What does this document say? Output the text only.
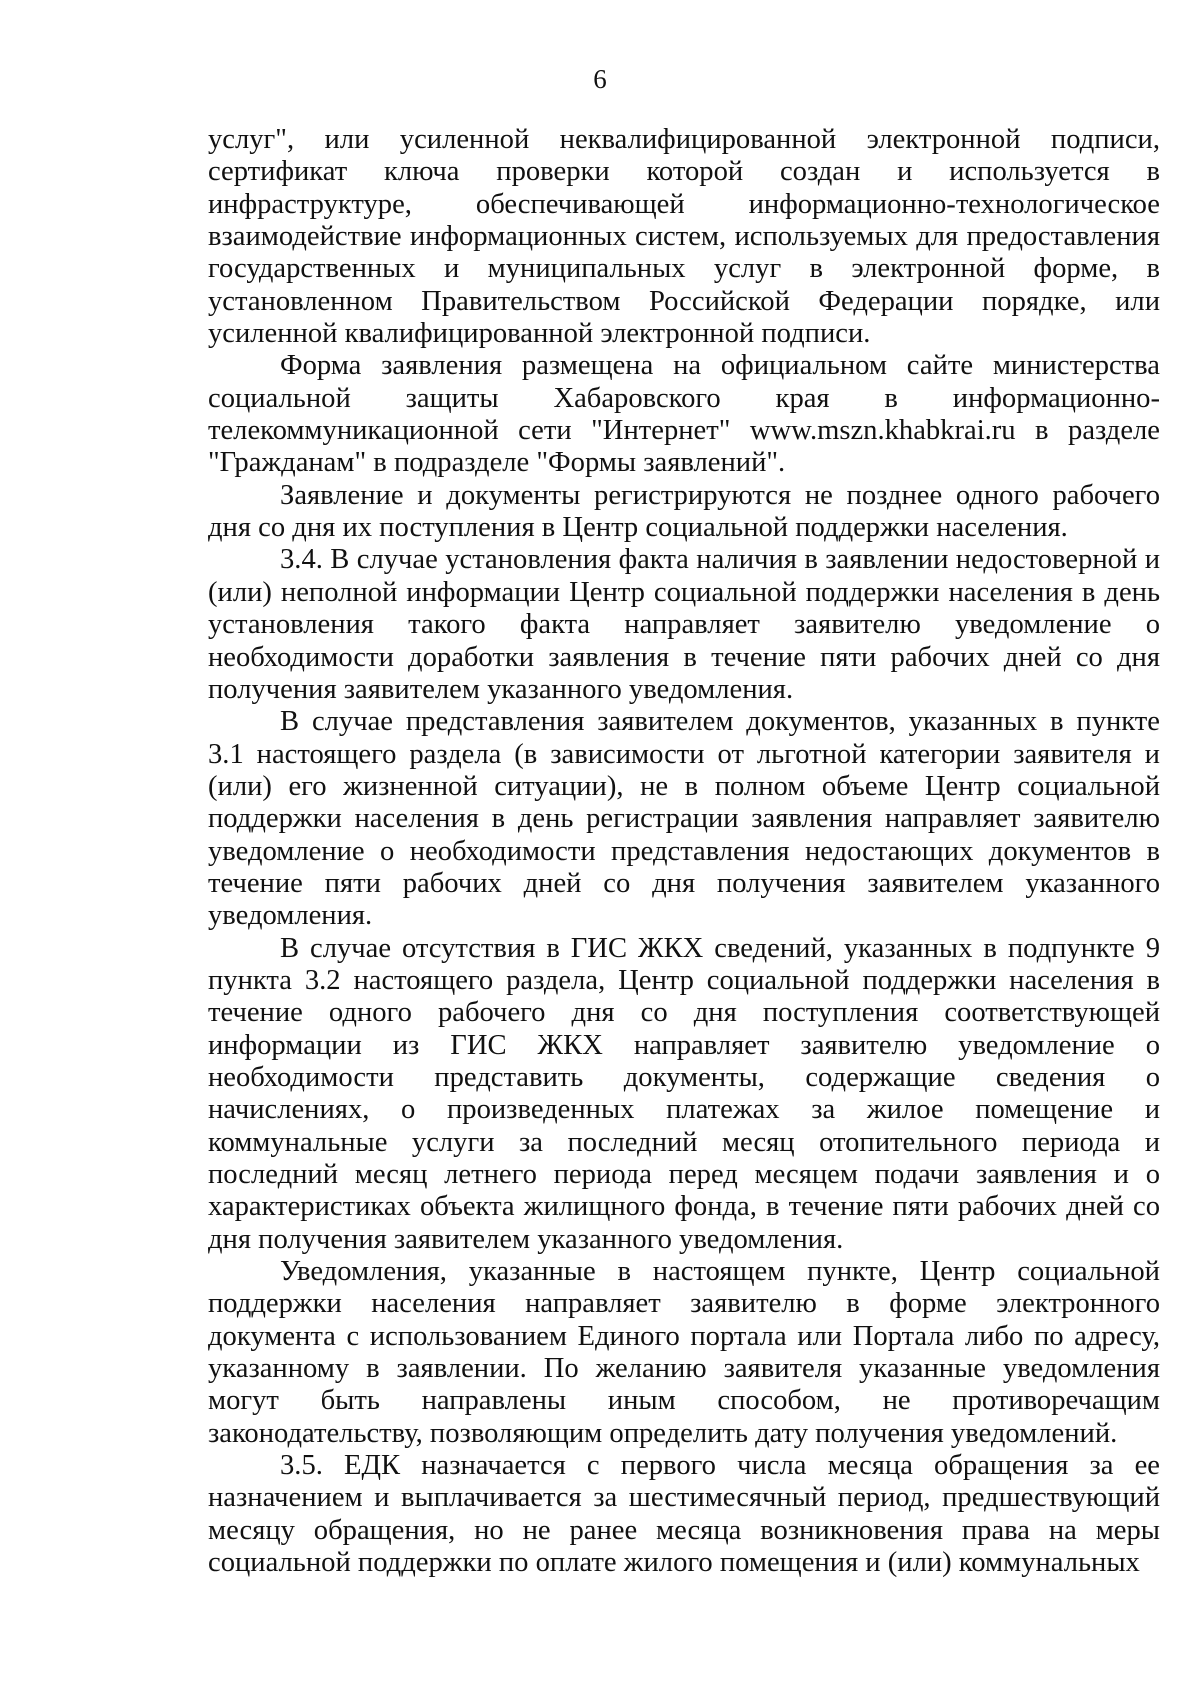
6

услуг", или усиленной неквалифицированной электронной подписи, сертификат ключа проверки которой создан и используется в инфраструктуре, обеспечивающей информационно-технологическое взаимодействие информационных систем, используемых для предоставления государственных и муниципальных услуг в электронной форме, в установленном Правительством Российской Федерации порядке, или усиленной квалифицированной электронной подписи.

Форма заявления размещена на официальном сайте министерства социальной защиты Хабаровского края в информационно-телекоммуникационной сети "Интернет" www.mszn.khabkrai.ru в разделе "Гражданам" в подразделе "Формы заявлений".

Заявление и документы регистрируются не позднее одного рабочего дня со дня их поступления в Центр социальной поддержки населения.

3.4. В случае установления факта наличия в заявлении недостоверной и (или) неполной информации Центр социальной поддержки населения в день установления такого факта направляет заявителю уведомление о необходимости доработки заявления в течение пяти рабочих дней со дня получения заявителем указанного уведомления.

В случае представления заявителем документов, указанных в пункте 3.1 настоящего раздела (в зависимости от льготной категории заявителя и (или) его жизненной ситуации), не в полном объеме Центр социальной поддержки населения в день регистрации заявления направляет заявителю уведомление о необходимости представления недостающих документов в течение пяти рабочих дней со дня получения заявителем указанного уведомления.

В случае отсутствия в ГИС ЖКХ сведений, указанных в подпункте 9 пункта 3.2 настоящего раздела, Центр социальной поддержки населения в течение одного рабочего дня со дня поступления соответствующей информации из ГИС ЖКХ направляет заявителю уведомление о необходимости представить документы, содержащие сведения о начислениях, о произведенных платежах за жилое помещение и коммунальные услуги за последний месяц отопительного периода и последний месяц летнего периода перед месяцем подачи заявления и о характеристиках объекта жилищного фонда, в течение пяти рабочих дней со дня получения заявителем указанного уведомления.

Уведомления, указанные в настоящем пункте, Центр социальной поддержки населения направляет заявителю в форме электронного документа с использованием Единого портала или Портала либо по адресу, указанному в заявлении. По желанию заявителя указанные уведомления могут быть направлены иным способом, не противоречащим законодательству, позволяющим определить дату получения уведомлений.

3.5. ЕДК назначается с первого числа месяца обращения за ее назначением и выплачивается за шестимесячный период, предшествующий месяцу обращения, но не ранее месяца возникновения права на меры социальной поддержки по оплате жилого помещения и (или) коммунальных
